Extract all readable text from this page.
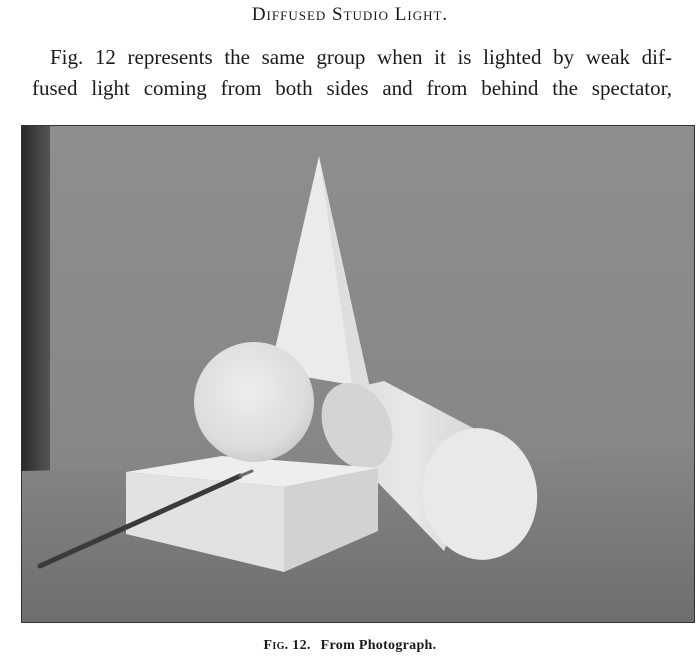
Diffused Studio Light.
Fig. 12 represents the same group when it is lighted by weak dif-
fused light coming from both sides and from behind the spectator,
Fig. 12. From Photograph.
